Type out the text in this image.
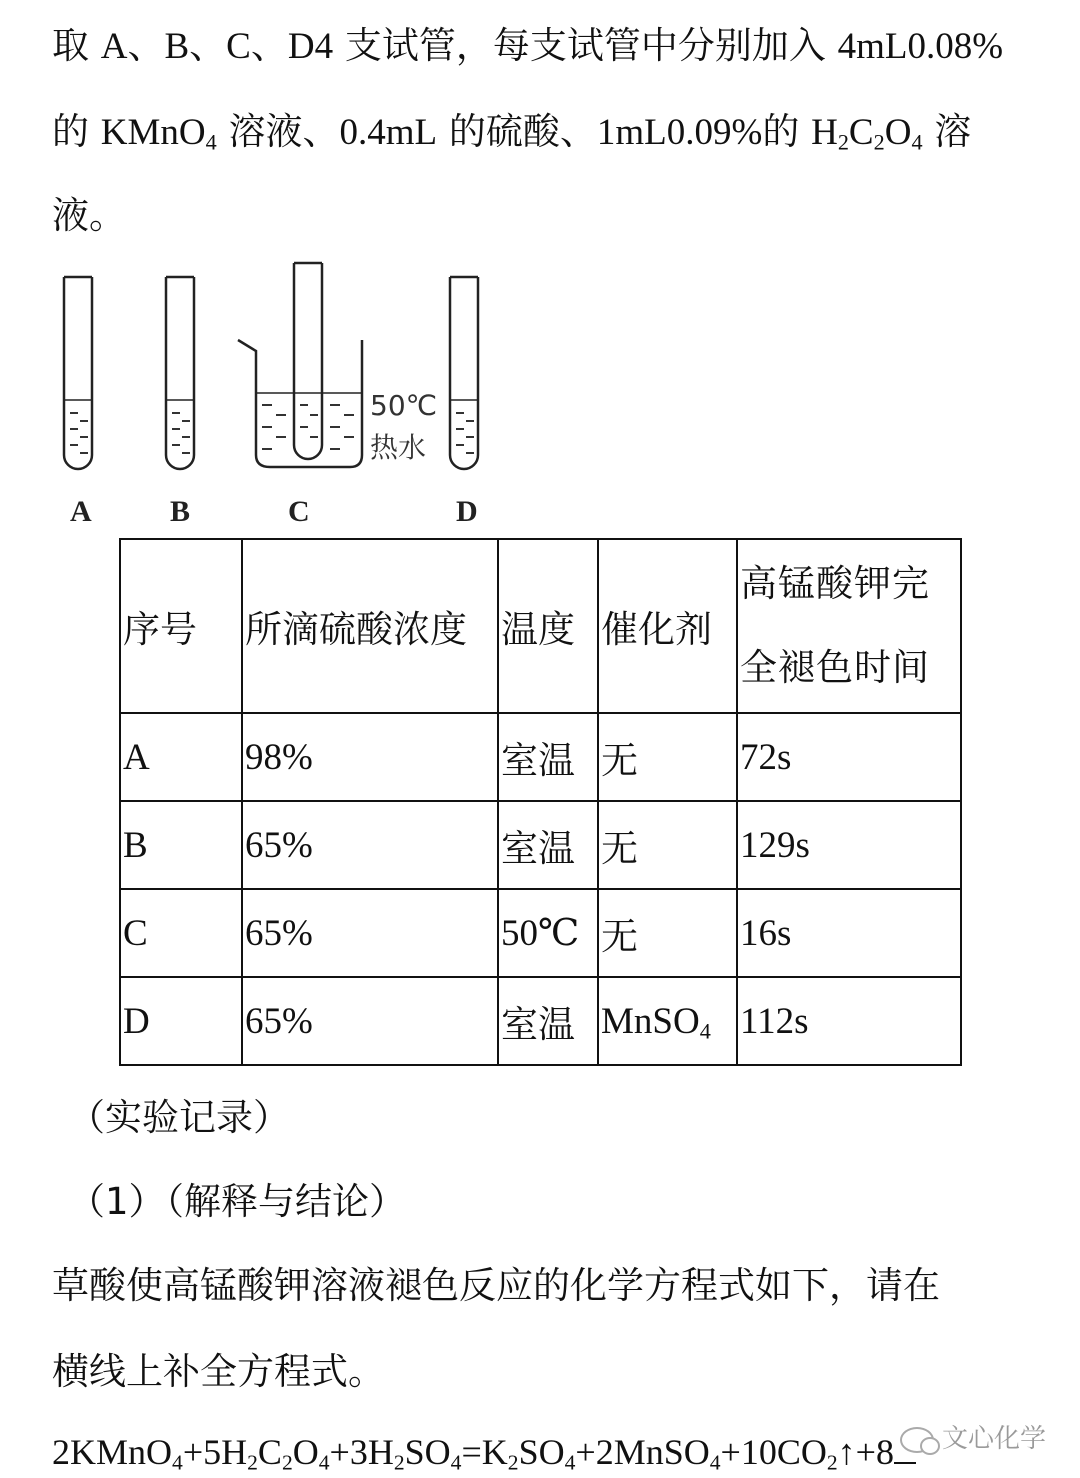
取 A、B、C、D4 支试管，每支试管中分别加入 4mL0.08%
的 KMnO$_4$ 溶液、0.4mL 的硫酸、1mL0.09%的 $H_2C_2O_4$ 溶
液。
50℃
热水
A	B	C	D
序号	所滴硫酸浓度	温度	催化剂	高锰酸钾完全褪色时间
A	98%	室温	无	72s
B	65%	室温	无	129s
C	65%	50℃	无	16s
D	65%	室温	MnSO$_4$	112s
（实验记录）
（1）（解释与结论）
草酸使高锰酸钾溶液褪色反应的化学方程式如下，请在
横线上补全方程式。
$2KMnO_4+5H_2C_2O_4+3H_2SO_4=K_2SO_4+2MnSO_4+10CO_2↑+8$	文心化学
